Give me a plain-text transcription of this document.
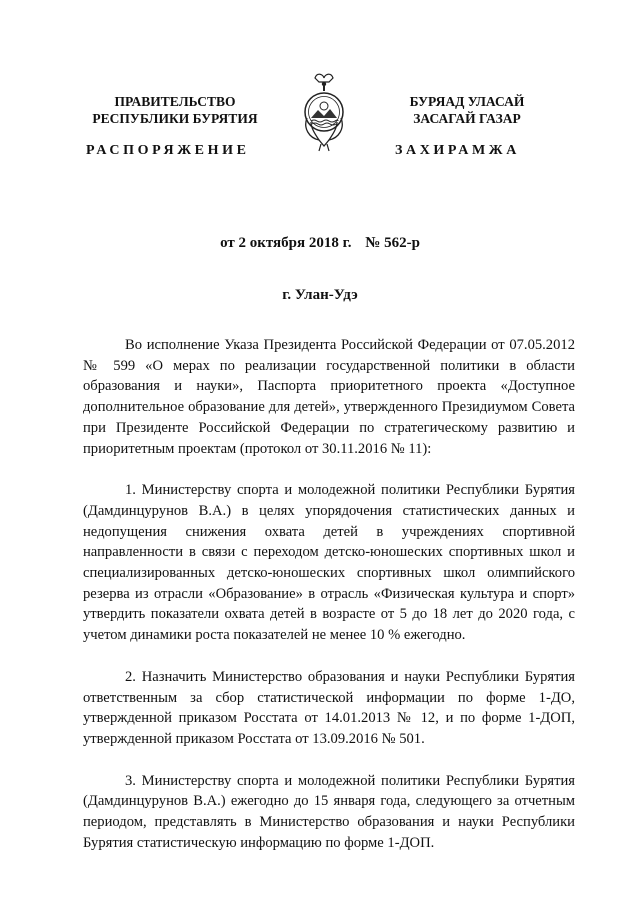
ПРАВИТЕЛЬСТВО
РЕСПУБЛИКИ БУРЯТИЯ
БУРЯАД УЛАСАЙ
ЗАСАГАЙ ГАЗАР
РАСПОРЯЖЕНИЕ	ЗАХИРАМЖА
от 2 октября 2018 г. № 562-р
г. Улан-Удэ

Во исполнение Указа Президента Российской Федерации от 07.05.2012 № 599 «О мерах по реализации государственной политики в области образования и науки», Паспорта приоритетного проекта «Доступное дополнительное образование для детей», утвержденного Президиумом Совета при Президенте Российской Федерации по стратегическому развитию и приоритетным проектам (протокол от 30.11.2016 № 11):

1. Министерству спорта и молодежной политики Республики Бурятия (Дамдинцурунов В.А.) в целях упорядочения статистических данных и недопущения снижения охвата детей в учреждениях спортивной направленности в связи с переходом детско-юношеских спортивных школ и специализированных детско-юношеских спортивных школ олимпийского резерва из отрасли «Образование» в отрасль «Физическая культура и спорт» утвердить показатели охвата детей в возрасте от 5 до 18 лет до 2020 года, с учетом динамики роста показателей не менее 10 % ежегодно.

2. Назначить Министерство образования и науки Республики Бурятия ответственным за сбор статистической информации по форме 1-ДО, утвержденной приказом Росстата от 14.01.2013 № 12, и по форме 1-ДОП, утвержденной приказом Росстата от 13.09.2016 № 501.

3. Министерству спорта и молодежной политики Республики Бурятия (Дамдинцурунов В.А.) ежегодно до 15 января года, следующего за отчетным периодом, представлять в Министерство образования и науки Республики Бурятия статистическую информацию по форме 1-ДОП.
